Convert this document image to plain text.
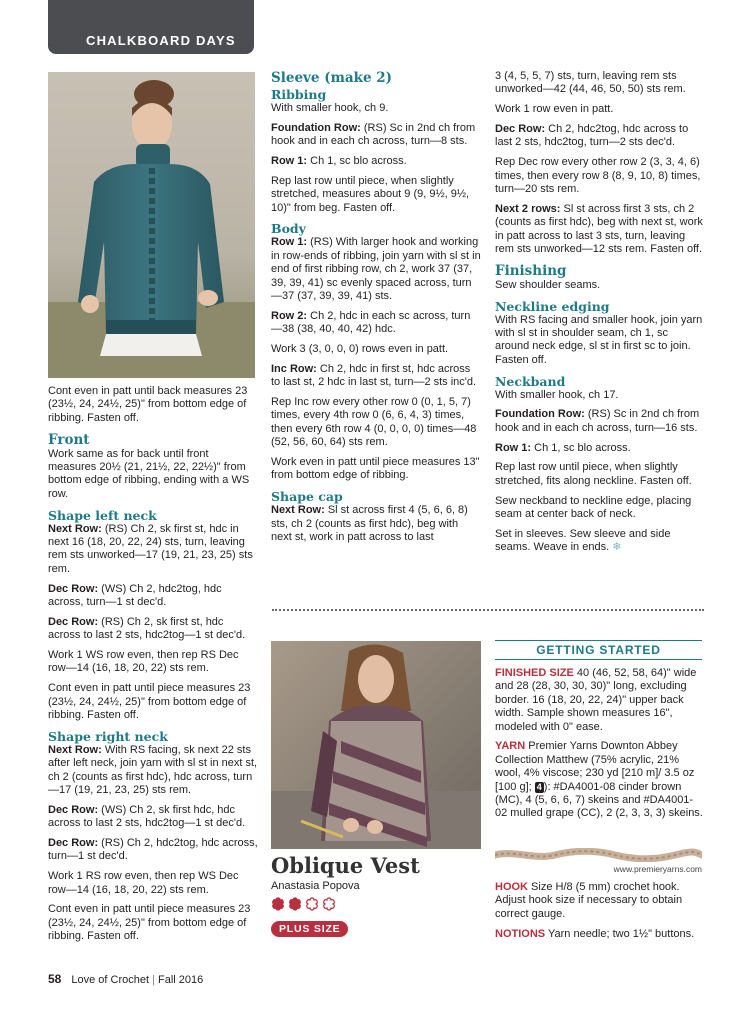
CHALKBOARD DAYS

Cont even in patt until back measures 23 (23½, 24, 24½, 25)" from bottom edge of ribbing. Fasten off.

Front

Work same as for back until front measures 20½ (21, 21½, 22, 22½)" from bottom edge of ribbing, ending with a WS row.

Shape left neck

Next Row: (RS) Ch 2, sk first st, hdc in next 16 (18, 20, 22, 24) sts, turn, leaving rem sts unworked—17 (19, 21, 23, 25) sts rem.

Dec Row: (WS) Ch 2, hdc2tog, hdc across, turn—1 st dec'd.

Dec Row: (RS) Ch 2, sk first st, hdc across to last 2 sts, hdc2tog—1 st dec'd.

Work 1 WS row even, then rep RS Dec row—14 (16, 18, 20, 22) sts rem.

Cont even in patt until piece measures 23 (23½, 24, 24½, 25)" from bottom edge of ribbing. Fasten off.

Shape right neck

Next Row: With RS facing, sk next 22 sts after left neck, join yarn with sl st in next st, ch 2 (counts as first hdc), hdc across, turn—17 (19, 21, 23, 25) sts rem.

Dec Row: (WS) Ch 2, sk first hdc, hdc across to last 2 sts, hdc2tog—1 st dec'd.

Dec Row: (RS) Ch 2, hdc2tog, hdc across, turn—1 st dec'd.

Work 1 RS row even, then rep WS Dec row—14 (16, 18, 20, 22) sts rem.

Cont even in patt until piece measures 23 (23½, 24, 24½, 25)" from bottom edge of ribbing. Fasten off.

Sleeve (make 2)
Ribbing

With smaller hook, ch 9.

Foundation Row: (RS) Sc in 2nd ch from hook and in each ch across, turn—8 sts.

Row 1: Ch 1, sc blo across.

Rep last row until piece, when slightly stretched, measures about 9 (9, 9½, 9½, 10)" from beg. Fasten off.

Body

Row 1: (RS) With larger hook and working in row-ends of ribbing, join yarn with sl st in end of first ribbing row, ch 2, work 37 (37, 39, 39, 41) sc evenly spaced across, turn—37 (37, 39, 39, 41) sts.

Row 2: Ch 2, hdc in each sc across, turn—38 (38, 40, 40, 42) hdc.

Work 3 (3, 0, 0, 0) rows even in patt.

Inc Row: Ch 2, hdc in first st, hdc across to last st, 2 hdc in last st, turn—2 sts inc'd.

Rep Inc row every other row 0 (0, 1, 5, 7) times, every 4th row 0 (6, 6, 4, 3) times, then every 6th row 4 (0, 0, 0, 0) times—48 (52, 56, 60, 64) sts rem.

Work even in patt until piece measures 13" from bottom edge of ribbing.

Shape cap

Next Row: Sl st across first 4 (5, 6, 6, 8) sts, ch 2 (counts as first hdc), beg with next st, work in patt across to last

3 (4, 5, 5, 7) sts, turn, leaving rem sts unworked—42 (44, 46, 50, 50) sts rem.

Work 1 row even in patt.

Dec Row: Ch 2, hdc2tog, hdc across to last 2 sts, hdc2tog, turn—2 sts dec'd.

Rep Dec row every other row 2 (3, 3, 4, 6) times, then every row 8 (8, 9, 10, 8) times, turn—20 sts rem.

Next 2 rows: Sl st across first 3 sts, ch 2 (counts as first hdc), beg with next st, work in patt across to last 3 sts, turn, leaving rem sts unworked—12 sts rem. Fasten off.

Finishing

Sew shoulder seams.

Neckline edging

With RS facing and smaller hook, join yarn with sl st in shoulder seam, ch 1, sc around neck edge, sl st in first sc to join. Fasten off.

Neckband

With smaller hook, ch 17.

Foundation Row: (RS) Sc in 2nd ch from hook and in each ch across, turn—16 sts.

Row 1: Ch 1, sc blo across.

Rep last row until piece, when slightly stretched, fits along neckline. Fasten off.

Sew neckband to neckline edge, placing seam at center back of neck.

Set in sleeves. Sew sleeve and side seams. Weave in ends. ❄

Oblique Vest
Anastasia Popova
PLUS SIZE
GETTING STARTED

FINISHED SIZE 40 (46, 52, 58, 64)" wide and 28 (28, 30, 30, 30)" long, excluding border. 16 (18, 20, 22, 24)" upper back width. Sample shown measures 16", modeled with 0" ease.

YARN Premier Yarns Downton Abbey Collection Matthew (75% acrylic, 21% wool, 4% viscose; 230 yd [210 m]/ 3.5 oz [100 g]; 4 ): #DA4001-08 cinder brown (MC), 4 (5, 6, 6, 7) skeins and #DA4001-02 mulled grape (CC), 2 (2, 3, 3, 3) skeins.

www.premieryarns.com

HOOK Size H/8 (5 mm) crochet hook. Adjust hook size if necessary to obtain correct gauge.

NOTIONS Yarn needle; two 1½" buttons.

58 Love of Crochet | Fall 2016
